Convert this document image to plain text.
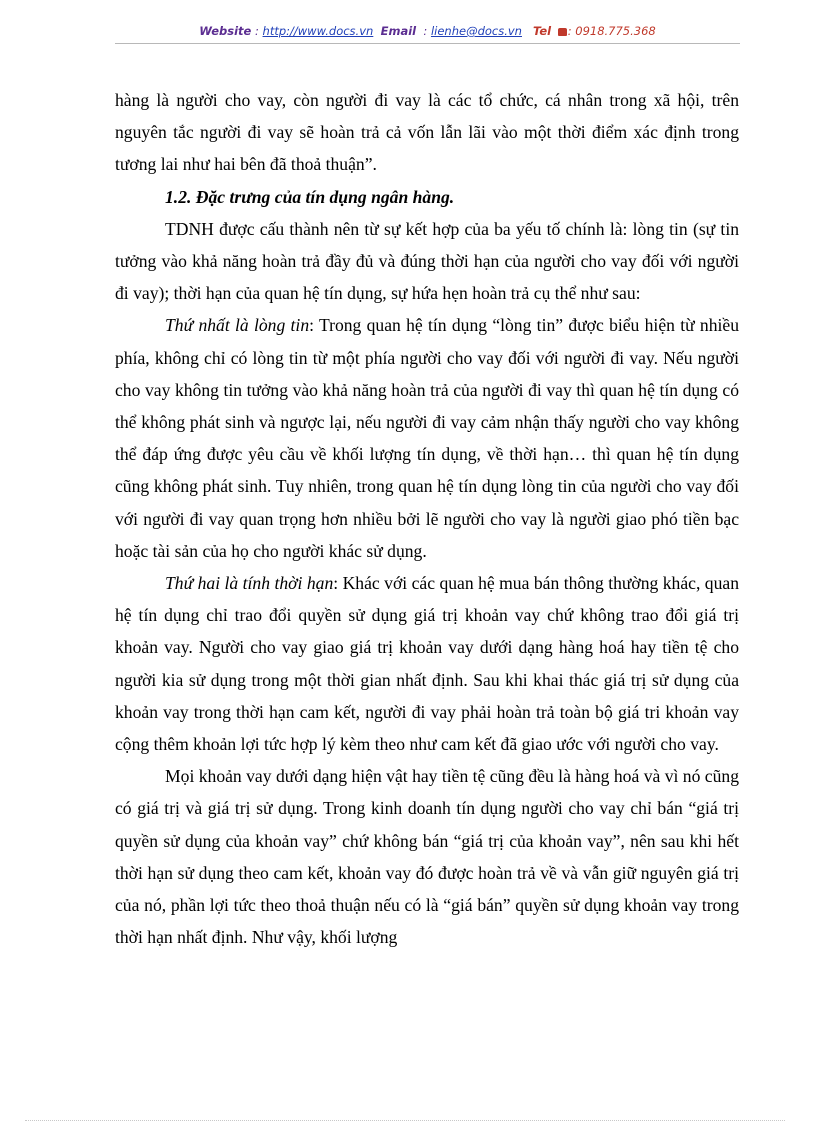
Website : http://www.docs.vn Email : lienhe@docs.vn Tel : 0918.775.368

hàng là người cho vay, còn người đi vay là các tổ chức, cá nhân trong xã hội, trên nguyên tắc người đi vay sẽ hoàn trả cả vốn lẫn lãi vào một thời điểm xác định trong tương lai như hai bên đã thoả thuận”.

1.2. Đặc trưng của tín dụng ngân hàng.

TDNH được cấu thành nên từ sự kết hợp của ba yếu tố chính là: lòng tin (sự tin tưởng vào khả năng hoàn trả đầy đủ và đúng thời hạn của người cho vay đối với người đi vay); thời hạn của quan hệ tín dụng, sự hứa hẹn hoàn trả cụ thể như sau:

Thứ nhất là lòng tin: Trong quan hệ tín dụng “lòng tin” được biểu hiện từ nhiều phía, không chỉ có lòng tin từ một phía người cho vay đối với người đi vay. Nếu người cho vay không tin tưởng vào khả năng hoàn trả của người đi vay thì quan hệ tín dụng có thể không phát sinh và ngược lại, nếu người đi vay cảm nhận thấy người cho vay không thể đáp ứng được yêu cầu về khối lượng tín dụng, về thời hạn… thì quan hệ tín dụng cũng không phát sinh. Tuy nhiên, trong quan hệ tín dụng lòng tin của người cho vay đối với người đi vay quan trọng hơn nhiều bởi lẽ người cho vay là người giao phó tiền bạc hoặc tài sản của họ cho người khác sử dụng.

Thứ hai là tính thời hạn: Khác với các quan hệ mua bán thông thường khác, quan hệ tín dụng chỉ trao đổi quyền sử dụng giá trị khoản vay chứ không trao đổi giá trị khoản vay. Người cho vay giao giá trị khoản vay dưới dạng hàng hoá hay tiền tệ cho người kia sử dụng trong một thời gian nhất định. Sau khi khai thác giá trị sử dụng của khoản vay trong thời hạn cam kết, người đi vay phải hoàn trả toàn bộ giá tri khoản vay cộng thêm khoản lợi tức hợp lý kèm theo như cam kết đã giao ước với người cho vay.

Mọi khoản vay dưới dạng hiện vật hay tiền tệ cũng đều là hàng hoá và vì nó cũng có giá trị và giá trị sử dụng. Trong kinh doanh tín dụng người cho vay chỉ bán “giá trị quyền sử dụng của khoản vay” chứ không bán “giá trị của khoản vay”, nên sau khi hết thời hạn sử dụng theo cam kết, khoản vay đó được hoàn trả về và vẫn giữ nguyên giá trị của nó, phần lợi tức theo thoả thuận nếu có là “giá bán” quyền sử dụng khoản vay trong thời hạn nhất định. Như vậy, khối lượng
